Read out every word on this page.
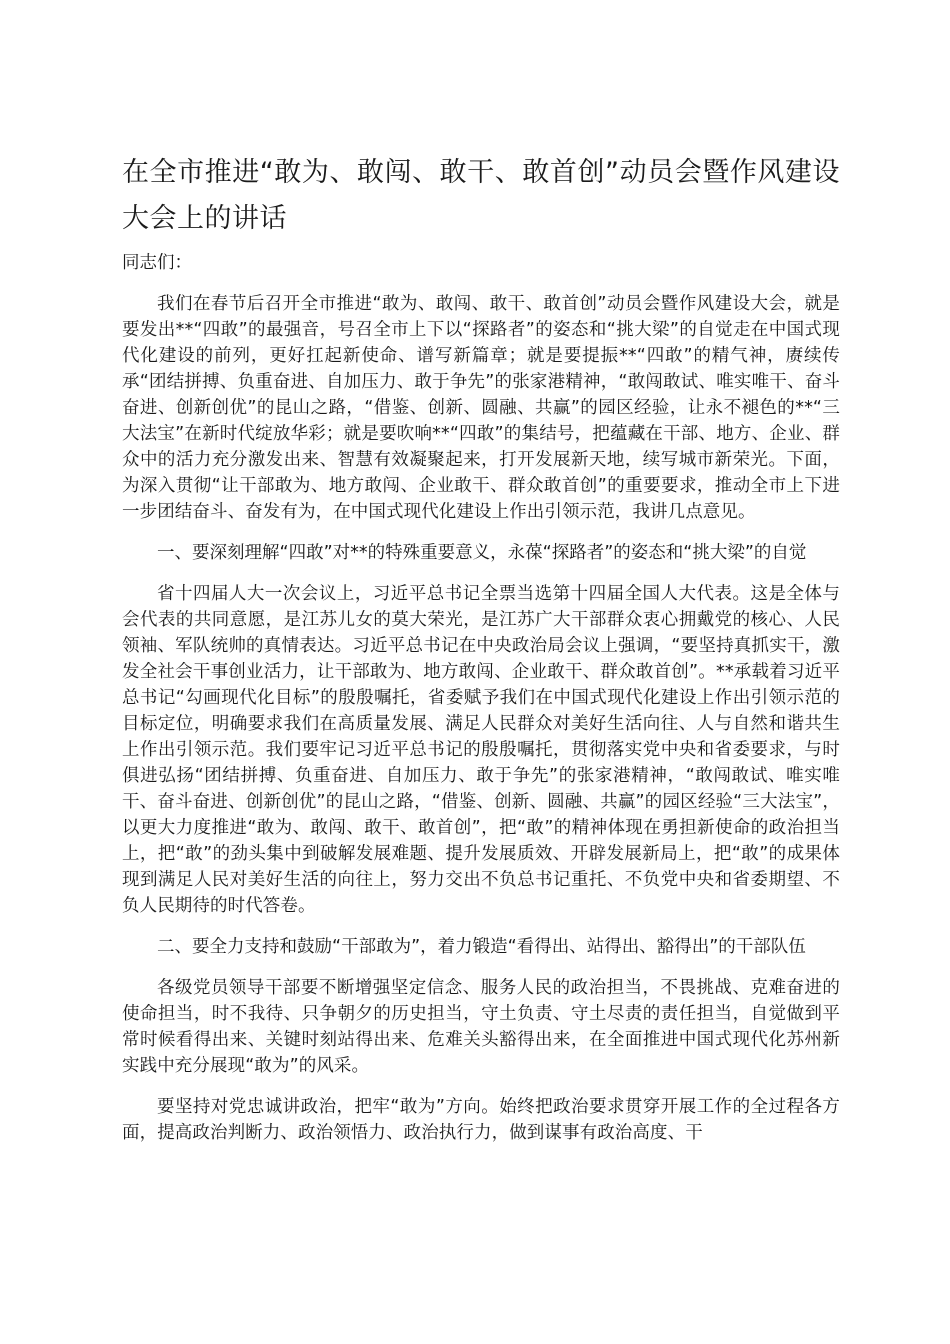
在全市推进“敢为、敢闯、敢干、敢首创”动员会暨作风建设大会上的讲话

同志们：

我们在春节后召开全市推进“敢为、敢闯、敢干、敢首创”动员会暨作风建设大会，就是要发出**“四敢”的最强音，号召全市上下以“探路者”的姿态和“挑大梁”的自觉走在中国式现代化建设的前列，更好扛起新使命、谱写新篇章；就是要提振**“四敢”的精气神，赓续传承“团结拼搏、负重奋进、自加压力、敢于争先”的张家港精神，“敢闯敢试、唯实唯干、奋斗奋进、创新创优”的昆山之路，“借鉴、创新、圆融、共赢”的园区经验，让永不褪色的**“三大法宝”在新时代绽放华彩；就是要吹响**“四敢”的集结号，把蕴藏在干部、地方、企业、群众中的活力充分激发出来、智慧有效凝聚起来，打开发展新天地，续写城市新荣光。下面，为深入贯彻“让干部敢为、地方敢闯、企业敢干、群众敢首创”的重要要求，推动全市上下进一步团结奋斗、奋发有为，在中国式现代化建设上作出引领示范，我讲几点意见。

一、要深刻理解“四敢”对**的特殊重要意义，永葆“探路者”的姿态和“挑大梁”的自觉

省十四届人大一次会议上，习近平总书记全票当选第十四届全国人大代表。这是全体与会代表的共同意愿，是江苏儿女的莫大荣光，是江苏广大干部群众衷心拥戴党的核心、人民领袖、军队统帅的真情表达。习近平总书记在中央政治局会议上强调，“要坚持真抓实干，激发全社会干事创业活力，让干部敢为、地方敢闯、企业敢干、群众敢首创”。**承载着习近平总书记“勾画现代化目标”的殷殷嘱托，省委赋予我们在中国式现代化建设上作出引领示范的目标定位，明确要求我们在高质量发展、满足人民群众对美好生活向往、人与自然和谐共生上作出引领示范。我们要牢记习近平总书记的殷殷嘱托，贯彻落实党中央和省委要求，与时俱进弘扬“团结拼搏、负重奋进、自加压力、敢于争先”的张家港精神，“敢闯敢试、唯实唯干、奋斗奋进、创新创优”的昆山之路，“借鉴、创新、圆融、共赢”的园区经验“三大法宝”，以更大力度推进“敢为、敢闯、敢干、敢首创”，把“敢”的精神体现在勇担新使命的政治担当上，把“敢”的劲头集中到破解发展难题、提升发展质效、开辟发展新局上，把“敢”的成果体现到满足人民对美好生活的向往上，努力交出不负总书记重托、不负党中央和省委期望、不负人民期待的时代答卷。

二、要全力支持和鼓励“干部敢为”，着力锻造“看得出、站得出、豁得出”的干部队伍

各级党员领导干部要不断增强坚定信念、服务人民的政治担当，不畏挑战、克难奋进的使命担当，时不我待、只争朝夕的历史担当，守土负责、守土尽责的责任担当，自觉做到平常时候看得出来、关键时刻站得出来、危难关头豁得出来，在全面推进中国式现代化苏州新实践中充分展现“敢为”的风采。

要坚持对党忠诚讲政治，把牢“敢为”方向。始终把政治要求贯穿开展工作的全过程各方面，提高政治判断力、政治领悟力、政治执行力，做到谋事有政治高度、干
